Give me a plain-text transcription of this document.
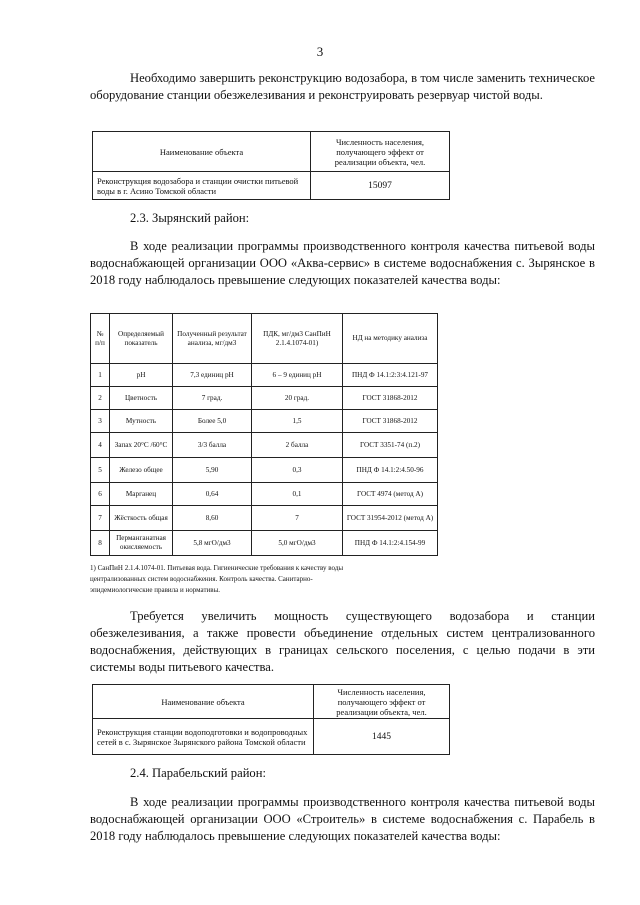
3

Необходимо завершить реконструкцию водозабора, в том числе заменить техническое оборудование станции обезжелезивания и реконструировать резервуар чистой воды.

Наименование объекта	Численность населения, получающего эффект от реализации объекта, чел.
Реконструкция водозабора и станции очистки питьевой воды в г. Асино Томской области	15097
2.3. Зырянский район:

В ходе реализации программы производственного контроля качества питьевой воды водоснабжающей организации ООО «Аква-сервис» в системе водоснабжения с. Зырянское в 2018 году наблюдалось превышение следующих показателей качества воды:

№ п/п	Определяемый показатель	Полученный результат анализа, мг/дм3	ПДК, мг/дм3 СанПиН 2.1.4.1074-01)	НД на методику анализа
1	рН	7,3 единиц рН	6 – 9 единиц рН	ПНД Ф 14.1:2:3:4.121-97
2	Цветность	7 град.	20 град.	ГОСТ 31868-2012
3	Мутность	Более 5,0	1,5	ГОСТ 31868-2012
4	Запах 20°С /60°С	3/3 балла	2 балла	ГОСТ 3351-74 (п.2)
5	Железо общее	5,90	0,3	ПНД Ф 14.1:2:4.50-96
6	Марганец	0,64	0,1	ГОСТ 4974 (метод А)
7	Жёсткость общая	8,60	7	ГОСТ 31954-2012 (метод А)
8	Перманганатная окисляемость	5,8 мгО/дм3	5,0 мгО/дм3	ПНД Ф 14.1:2:4.154-99
1) СанПиН 2.1.4.1074-01. Питьевая вода. Гигиенические требования к качеству воды
централизованных систем водоснабжения. Контроль качества. Санитарно-
эпидемиологические правила и нормативы.

Требуется увеличить мощность существующего водозабора и станции обезжелезивания, а также провести объединение отдельных систем централизованного водоснабжения, действующих в границах сельского поселения, с целью подачи в эти системы воды питьевого качества.

Наименование объекта	Численность населения, получающего эффект от реализации объекта, чел.
Реконструкция станции водоподготовки и водопроводных сетей в с. Зырянское Зырянского района Томской области	1445
2.4. Парабельский район:

В ходе реализации программы производственного контроля качества питьевой воды водоснабжающей организации ООО «Строитель» в системе водоснабжения с. Парабель в 2018 году наблюдалось превышение следующих показателей качества воды:
